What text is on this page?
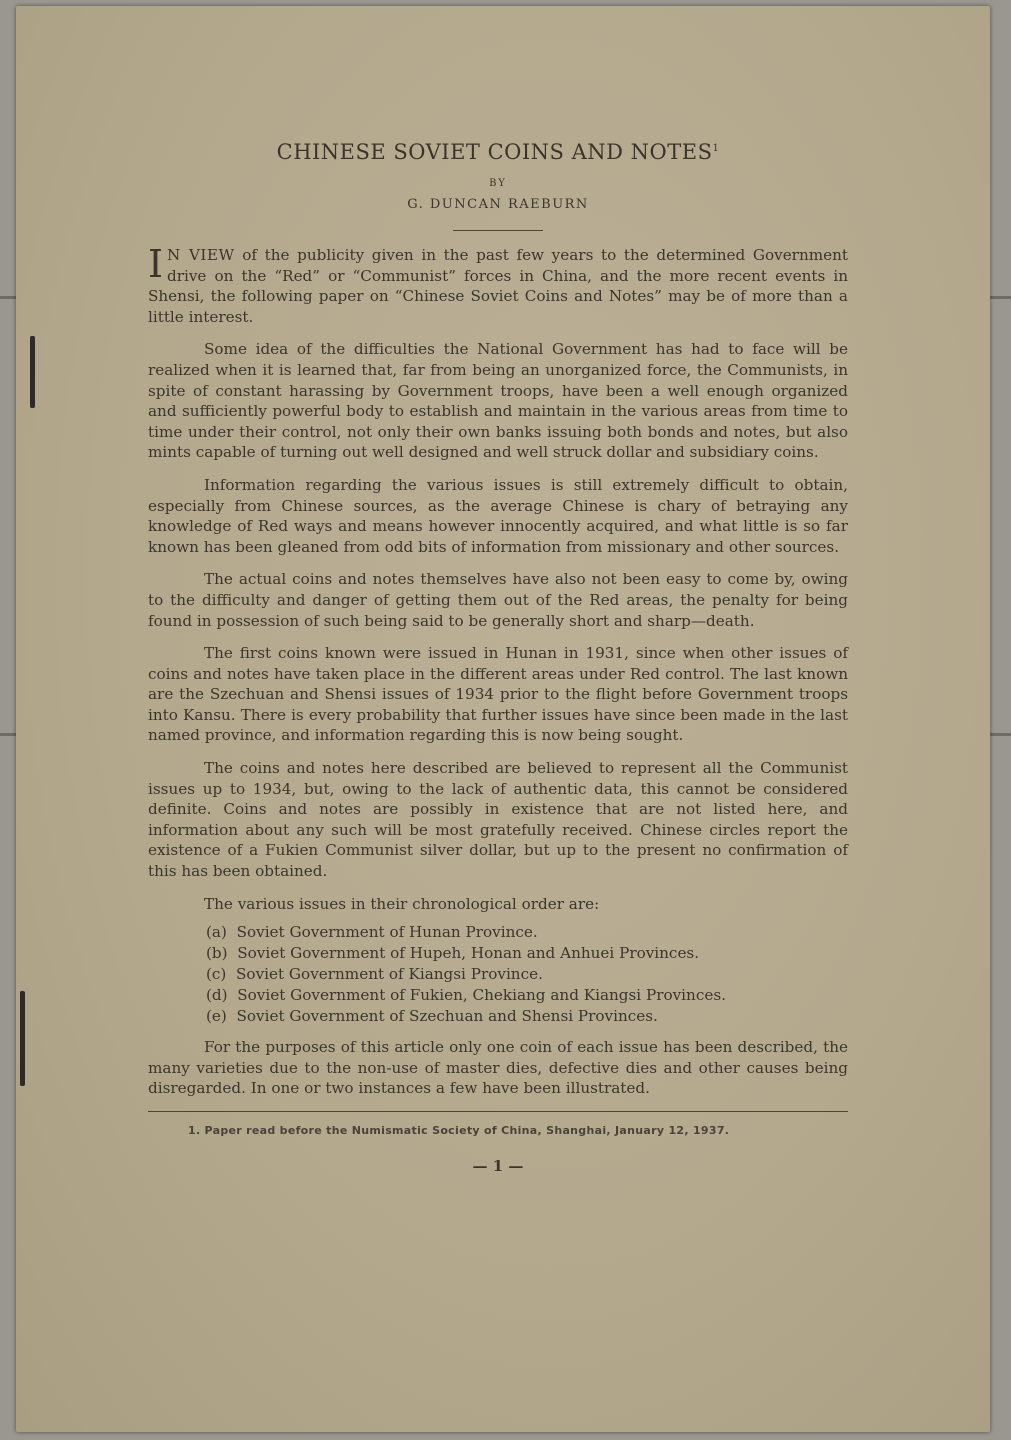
CHINESE SOVIET COINS AND NOTES$^1$

BY

G. DUNCAN RAEBURN

I N VIEW of the publicity given in the past few years to the determined Government drive on the “Red” or “Communist” forces in China, and the more recent events in Shensi, the following paper on “Chinese Soviet Coins and Notes” may be of more than a little interest.

Some idea of the difficulties the National Government has had to face will be realized when it is learned that, far from being an unorganized force, the Communists, in spite of constant harassing by Government troops, have been a well enough organized and sufficiently powerful body to establish and maintain in the various areas from time to time under their control, not only their own banks issuing both bonds and notes, but also mints capable of turning out well designed and well struck dollar and subsidiary coins.

Information regarding the various issues is still extremely difficult to obtain, especially from Chinese sources, as the average Chinese is chary of betraying any knowledge of Red ways and means however innocently acquired, and what little is so far known has been gleaned from odd bits of information from missionary and other sources.

The actual coins and notes themselves have also not been easy to come by, owing to the difficulty and danger of getting them out of the Red areas, the penalty for being found in possession of such being said to be generally short and sharp—death.

The first coins known were issued in Hunan in 1931, since when other issues of coins and notes have taken place in the different areas under Red control. The last known are the Szechuan and Shensi issues of 1934 prior to the flight before Government troops into Kansu. There is every probability that further issues have since been made in the last named province, and information regarding this is now being sought.

The coins and notes here described are believed to represent all the Communist issues up to 1934, but, owing to the lack of authentic data, this cannot be considered definite. Coins and notes are possibly in existence that are not listed here, and information about any such will be most gratefully received. Chinese circles report the existence of a Fukien Communist silver dollar, but up to the present no confirmation of this has been obtained.

The various issues in their chronological order are:

(a) Soviet Government of Hunan Province.
(b) Soviet Government of Hupeh, Honan and Anhuei Provinces.
(c) Soviet Government of Kiangsi Province.
(d) Soviet Government of Fukien, Chekiang and Kiangsi Provinces.
(e) Soviet Government of Szechuan and Shensi Provinces.

For the purposes of this article only one coin of each issue has been described, the many varieties due to the non-use of master dies, defective dies and other causes being disregarded. In one or two instances a few have been illustrated.

1. Paper read before the Numismatic Society of China, Shanghai, January 12, 1937.

— 1 —
